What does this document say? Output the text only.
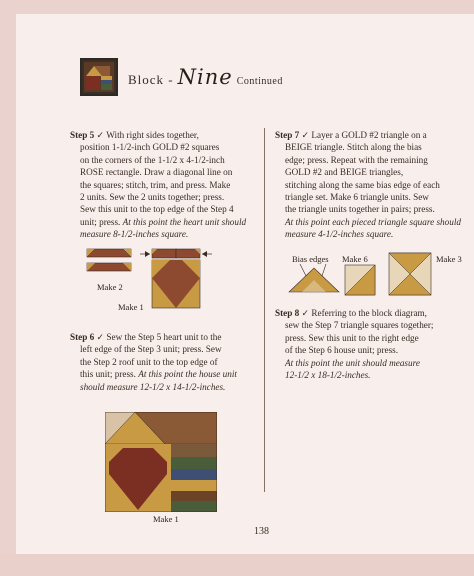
Block - Nine Continued

Step 5 ✓ With right sides together,

position 1-1/2-inch GOLD #2 squares

on the corners of the 1-1/2 x 4-1/2-inch

ROSE rectangle. Draw a diagonal line on

the squares; stitch, trim, and press. Make

2 units. Sew the 2 units together; press.

Sew this unit to the top edge of the Step 4

unit; press. At this point the heart unit should

measure 8-1/2-inches square.

Make 2
Make 1

Step 6 ✓ Sew the Step 5 heart unit to the

left edge of the Step 3 unit; press. Sew

the Step 2 roof unit to the top edge of

this unit; press. At this point the house unit

should measure 12-1/2 x 14-1/2-inches.

Make 1

Step 7 ✓ Layer a GOLD #2 triangle on a

BEIGE triangle. Stitch along the bias

edge; press. Repeat with the remaining

GOLD #2 and BEIGE triangles,

stitching along the same bias edge of each

triangle set. Make 6 triangle units. Sew

the triangle units together in pairs; press.

At this point each pieced triangle square should

measure 4-1/2-inches square.

Bias edges Make 6	Make 3

Step 8 ✓ Referring to the block diagram,

sew the Step 7 triangle squares together;

press. Sew this unit to the right edge

of the Step 6 house unit; press.

At this point the unit should measure

12-1/2 x 18-1/2-inches.

138
